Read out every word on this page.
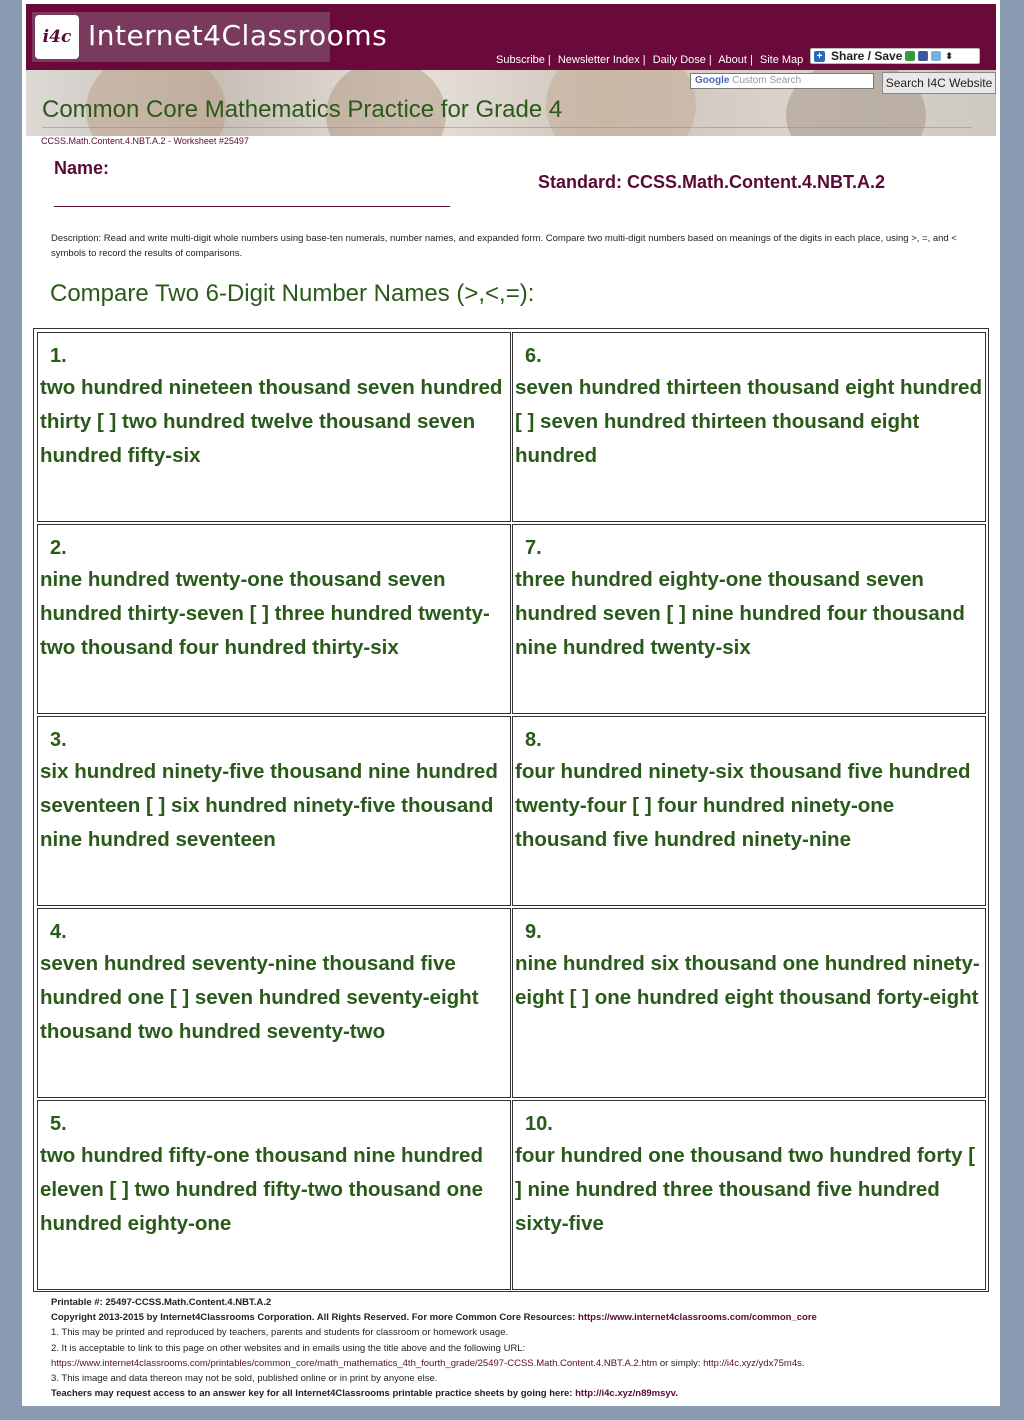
i4c Internet4Classrooms
Subscribe | Newsletter Index | Daily Dose | About | Site Map + Share / Save	⬍
Google Custom Search	Search I4C Website
Common Core Mathematics Practice for Grade 4
CCSS.Math.Content.4.NBT.A.2 - Worksheet #25497
Name:
Standard: CCSS.Math.Content.4.NBT.A.2
Description: Read and write multi-digit whole numbers using base-ten numerals, number names, and expanded form. Compare two multi-digit numbers based on meanings of the digits in each place, using >, =, and < symbols to record the results of comparisons.
Compare Two 6-Digit Number Names (>,<,=):
1.
two hundred nineteen thousand seven hundred thirty [ ] two hundred twelve thousand seven hundred fifty-six
6.
seven hundred thirteen thousand eight hundred [ ] seven hundred thirteen thousand eight hundred
2.
nine hundred twenty-one thousand seven hundred thirty-seven [ ] three hundred twenty-two thousand four hundred thirty-six
7.
three hundred eighty-one thousand seven hundred seven [ ] nine hundred four thousand nine hundred twenty-six
3.
six hundred ninety-five thousand nine hundred seventeen [ ] six hundred ninety-five thousand nine hundred seventeen
8.
four hundred ninety-six thousand five hundred twenty-four [ ] four hundred ninety-one thousand five hundred ninety-nine
4.
seven hundred seventy-nine thousand five hundred one [ ] seven hundred seventy-eight thousand two hundred seventy-two
9.
nine hundred six thousand one hundred ninety-eight [ ] one hundred eight thousand forty-eight
5.
two hundred fifty-one thousand nine hundred eleven [ ] two hundred fifty-two thousand one hundred eighty-one
10.
four hundred one thousand two hundred forty [ ] nine hundred three thousand five hundred sixty-five
Printable #: 25497-CCSS.Math.Content.4.NBT.A.2
Copyright 2013-2015 by Internet4Classrooms Corporation. All Rights Reserved. For more Common Core Resources: https://www.internet4classrooms.com/common_core
1. This may be printed and reproduced by teachers, parents and students for classroom or homework usage.
2. It is acceptable to link to this page on other websites and in emails using the title above and the following URL:
https://www.internet4classrooms.com/printables/common_core/math_mathematics_4th_fourth_grade/25497-CCSS.Math.Content.4.NBT.A.2.htm or simply: http://i4c.xyz/ydx75m4s.
3. This image and data thereon may not be sold, published online or in print by anyone else.
Teachers may request access to an answer key for all Internet4Classrooms printable practice sheets by going here: http://i4c.xyz/n89msyv.
